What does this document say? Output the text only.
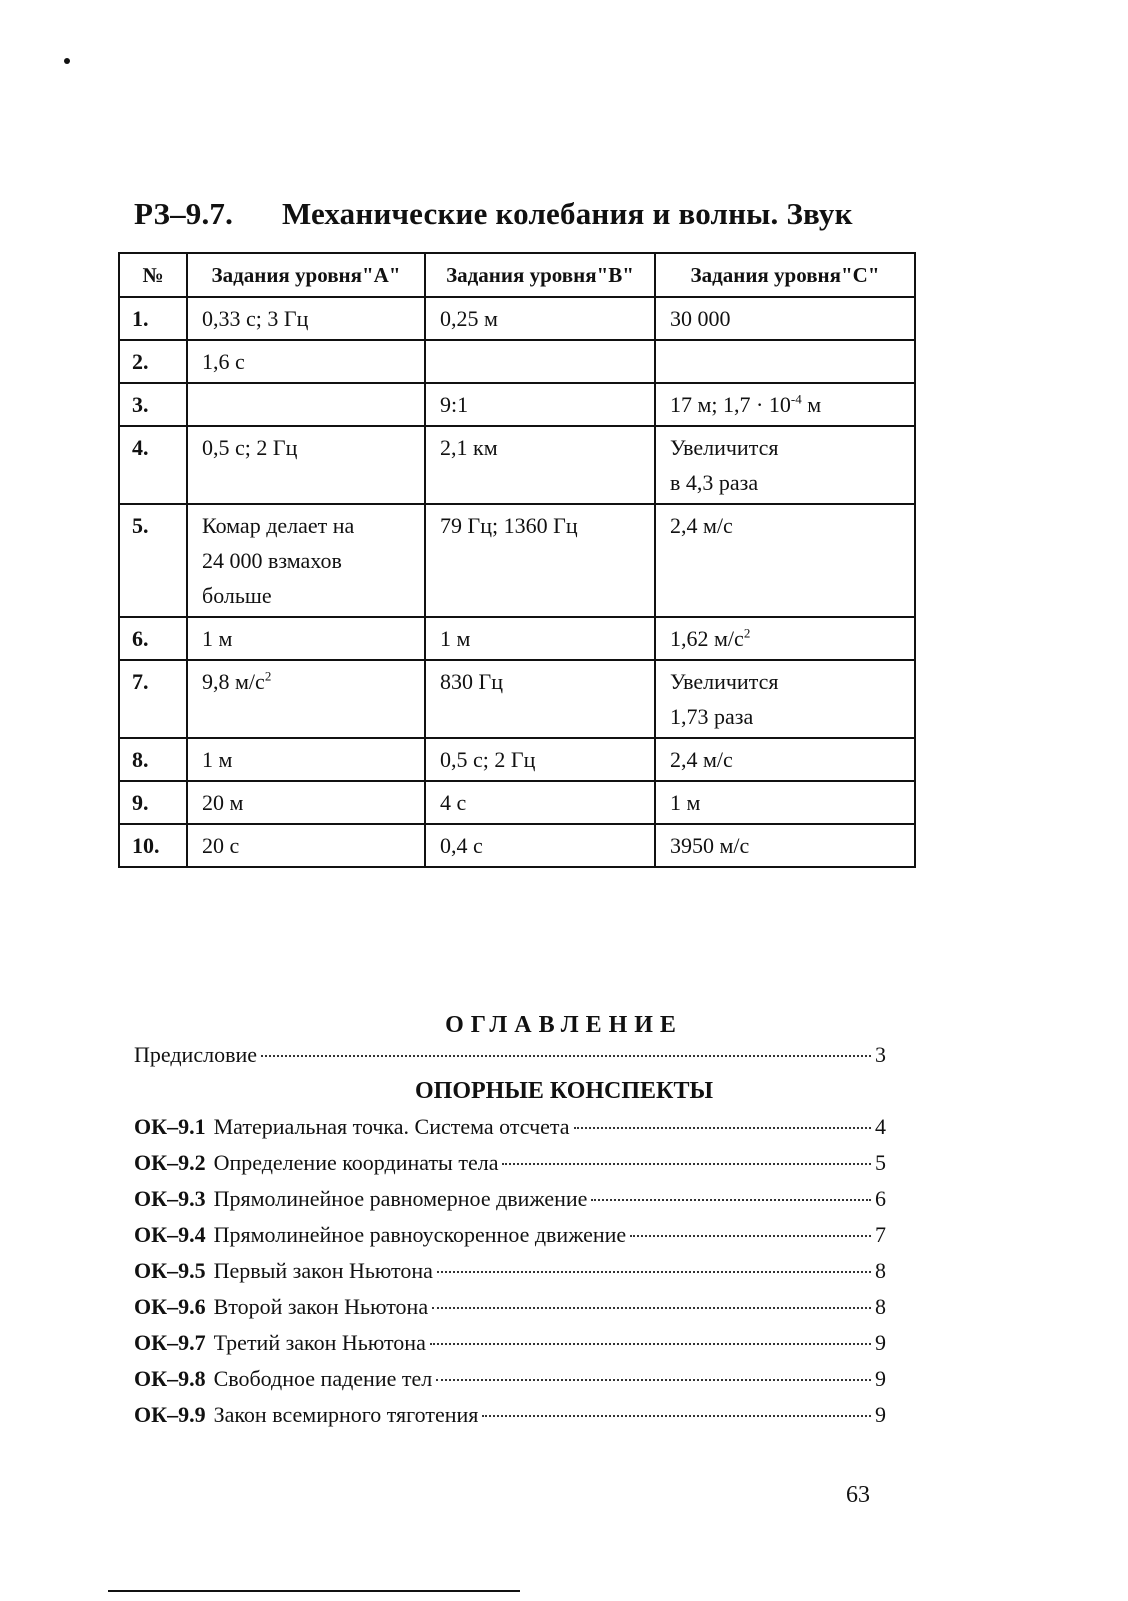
РЗ–9.7. Механические колебания и волны. Звук
№	Задания уровня"А"	Задания уровня"В"	Задания уровня"С"
1.	0,33 с; 3 Гц	0,25 м	30 000
2.	1,6 с		
3.		9:1	17 м; $1,7 \cdot 10^{-4}$ м
4.	0,5 с; 2 Гц	2,1 км	Увеличится
в 4,3 раза

5.	Комар делает на
24 000 взмахов
больше	79 Гц; 1360 Гц	2,4 м/с
6.	1 м	1 м	1,62 $м/с^2$
7.	9,8 $м/с^2$	830 Гц	Увеличится
1,73 раза

8.	1 м	0,5 с; 2 Гц	2,4 м/с
9.	20 м	4 с	1 м
10.	20 с	0,4 с	3950 м/с
ОГЛАВЛЕНИЕ
Предисловие	3
ОПОРНЫЕ КОНСПЕКТЫ
ОК–9.1 Материальная точка. Система отсчета	4
ОК–9.2 Определение координаты тела	5
ОК–9.3 Прямолинейное равномерное движение	6
ОК–9.4 Прямолинейное равноускоренное движение	7
ОК–9.5 Первый закон Ньютона	8
ОК–9.6 Второй закон Ньютона	8
ОК–9.7 Третий закон Ньютона	9
ОК–9.8 Свободное падение тел	9
ОК–9.9 Закон всемирного тяготения	9
63
